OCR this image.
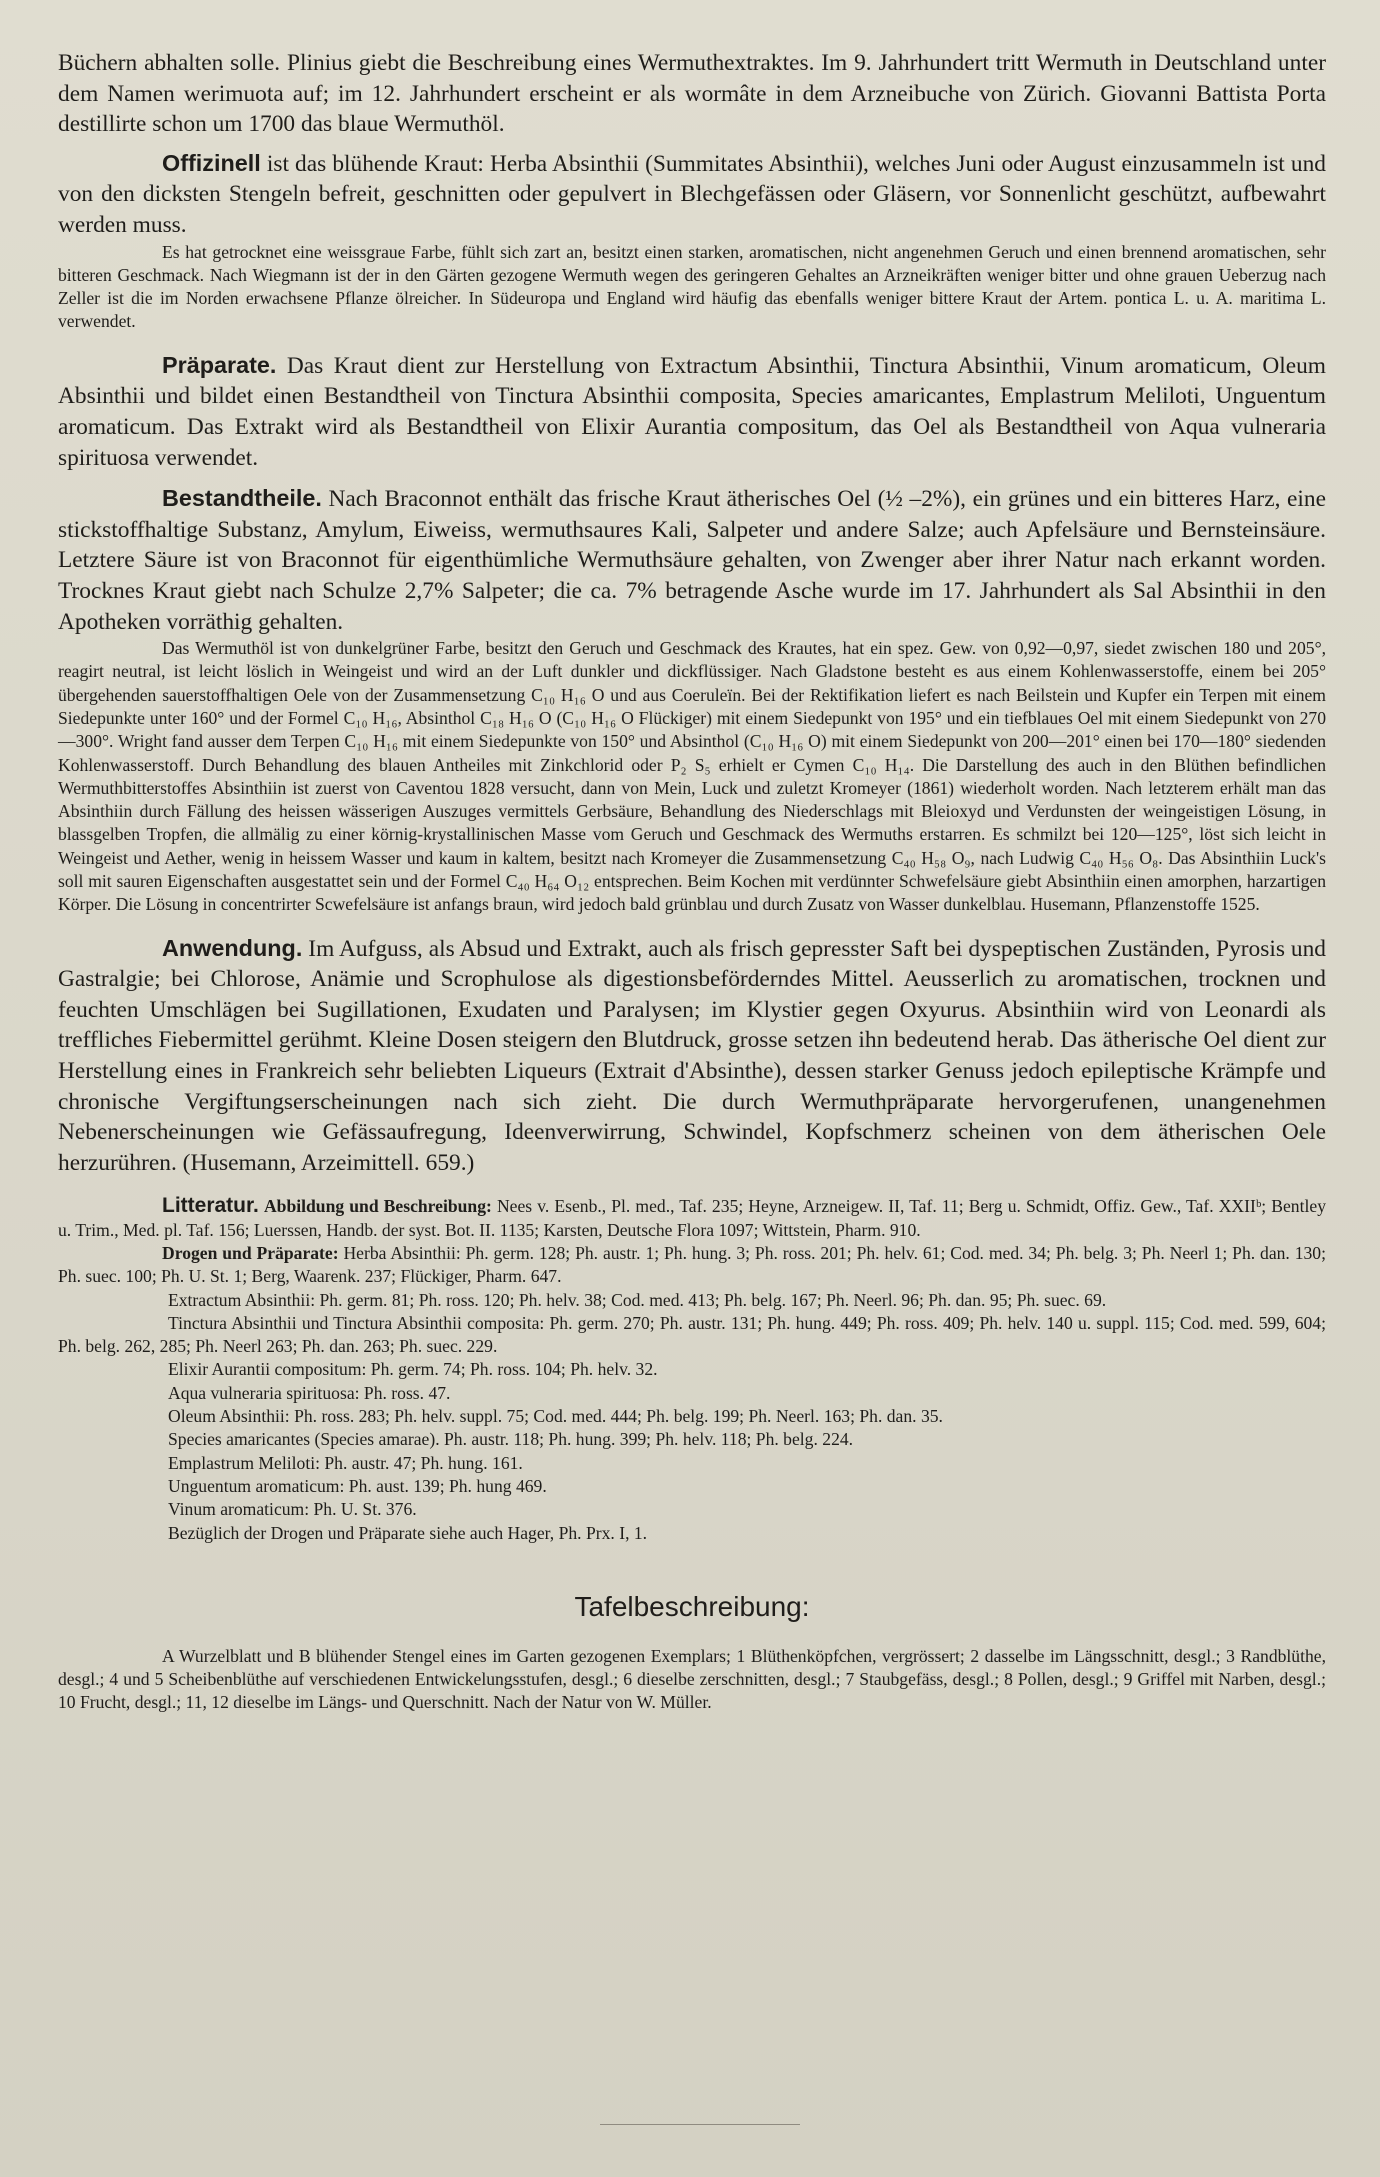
Büchern abhalten solle. Plinius giebt die Beschreibung eines Wermuthextraktes. Im 9. Jahrhundert tritt Wermuth in Deutschland unter dem Namen werimuota auf; im 12. Jahrhundert erscheint er als wormâte in dem Arzneibuche von Zürich. Giovanni Battista Porta destillirte schon um 1700 das blaue Wermuthöl.

Offizinell ist das blühende Kraut: Herba Absinthii (Summitates Absinthii), welches Juni oder August einzusammeln ist und von den dicksten Stengeln befreit, geschnitten oder gepulvert in Blechgefässen oder Gläsern, vor Sonnenlicht geschützt, aufbewahrt werden muss.

Es hat getrocknet eine weissgraue Farbe, fühlt sich zart an, besitzt einen starken, aromatischen, nicht angenehmen Geruch und einen brennend aromatischen, sehr bitteren Geschmack. Nach Wiegmann ist der in den Gärten gezogene Wermuth wegen des geringeren Gehaltes an Arzneikräften weniger bitter und ohne grauen Ueberzug nach Zeller ist die im Norden erwachsene Pflanze ölreicher. In Südeuropa und England wird häufig das ebenfalls weniger bittere Kraut der Artem. pontica L. u. A. maritima L. verwendet.

Präparate. Das Kraut dient zur Herstellung von Extractum Absinthii, Tinctura Absinthii, Vinum aromaticum, Oleum Absinthii und bildet einen Bestandtheil von Tinctura Absinthii composita, Species amaricantes, Emplastrum Meliloti, Unguentum aromaticum. Das Extrakt wird als Bestandtheil von Elixir Aurantia compositum, das Oel als Bestandtheil von Aqua vulneraria spirituosa verwendet.

Bestandtheile. Nach Braconnot enthält das frische Kraut ätherisches Oel (½ –2%), ein grünes und ein bitteres Harz, eine stickstoffhaltige Substanz, Amylum, Eiweiss, wermuthsaures Kali, Salpeter und andere Salze; auch Apfelsäure und Bernsteinsäure. Letztere Säure ist von Braconnot für eigenthümliche Wermuthsäure gehalten, von Zwenger aber ihrer Natur nach erkannt worden. Trocknes Kraut giebt nach Schulze 2,7% Salpeter; die ca. 7% betragende Asche wurde im 17. Jahrhundert als Sal Absinthii in den Apotheken vorräthig gehalten.

Das Wermuthöl ist von dunkelgrüner Farbe, besitzt den Geruch und Geschmack des Krautes, hat ein spez. Gew. von 0,92—0,97, siedet zwischen 180 und 205°, reagirt neutral, ist leicht löslich in Weingeist und wird an der Luft dunkler und dickflüssiger. Nach Gladstone besteht es aus einem Kohlenwasserstoffe, einem bei 205° übergehenden sauerstoffhaltigen Oele von der Zusammensetzung C₁₀ H₁₆ O und aus Coeruleïn. Bei der Rektifikation liefert es nach Beilstein und Kupfer ein Terpen mit einem Siedepunkte unter 160° und der Formel C₁₀ H₁₆, Absinthol C₁₈ H₁₆ O (C₁₀ H₁₆ O Flückiger) mit einem Siedepunkt von 195° und ein tiefblaues Oel mit einem Siedepunkt von 270—300°. Wright fand ausser dem Terpen C₁₀ H₁₆ mit einem Siedepunkte von 150° und Absinthol (C₁₀ H₁₆ O) mit einem Siedepunkt von 200—201° einen bei 170—180° siedenden Kohlenwasserstoff. Durch Behandlung des blauen Antheiles mit Zinkchlorid oder P₂ S₅ erhielt er Cymen C₁₀ H₁₄. Die Darstellung des auch in den Blüthen befindlichen Wermuthbitterstoffes Absinthiin ist zuerst von Caventou 1828 versucht, dann von Mein, Luck und zuletzt Kromeyer (1861) wiederholt worden. Nach letzterem erhält man das Absinthiin durch Fällung des heissen wässerigen Auszuges vermittels Gerbsäure, Behandlung des Niederschlags mit Bleioxyd und Verdunsten der weingeistigen Lösung, in blassgelben Tropfen, die allmälig zu einer körnig-krystallinischen Masse vom Geruch und Geschmack des Wermuths erstarren. Es schmilzt bei 120—125°, löst sich leicht in Weingeist und Aether, wenig in heissem Wasser und kaum in kaltem, besitzt nach Kromeyer die Zusammensetzung C₄₀ H₅₈ O₉, nach Ludwig C₄₀ H₅₆ O₈. Das Absinthiin Luck's soll mit sauren Eigenschaften ausgestattet sein und der Formel C₄₀ H₆₄ O₁₂ entsprechen. Beim Kochen mit verdünnter Schwefelsäure giebt Absinthiin einen amorphen, harzartigen Körper. Die Lösung in concentrirter Scwefelsäure ist anfangs braun, wird jedoch bald grünblau und durch Zusatz von Wasser dunkelblau. Husemann, Pflanzenstoffe 1525.

Anwendung. Im Aufguss, als Absud und Extrakt, auch als frisch gepresster Saft bei dyspeptischen Zuständen, Pyrosis und Gastralgie; bei Chlorose, Anämie und Scrophulose als digestionsbeförderndes Mittel. Aeusserlich zu aromatischen, trocknen und feuchten Umschlägen bei Sugillationen, Exudaten und Paralysen; im Klystier gegen Oxyurus. Absinthiin wird von Leonardi als treffliches Fiebermittel gerühmt. Kleine Dosen steigern den Blutdruck, grosse setzen ihn bedeutend herab. Das ätherische Oel dient zur Herstellung eines in Frankreich sehr beliebten Liqueurs (Extrait d'Absinthe), dessen starker Genuss jedoch epileptische Krämpfe und chronische Vergiftungserscheinungen nach sich zieht. Die durch Wermuthpräparate hervorgerufenen, unangenehmen Nebenerscheinungen wie Gefässaufregung, Ideenverwirrung, Schwindel, Kopfschmerz scheinen von dem ätherischen Oele herzurühren. (Husemann, Arzeimittell. 659.)

Litteratur. Abbildung und Beschreibung: Nees v. Esenb., Pl. med., Taf. 235; Heyne, Arzneigew. II, Taf. 11; Berg u. Schmidt, Offiz. Gew., Taf. XXIIᵇ; Bentley u. Trim., Med. pl. Taf. 156; Luerssen, Handb. der syst. Bot. II. 1135; Karsten, Deutsche Flora 1097; Wittstein, Pharm. 910.

Drogen und Präparate: Herba Absinthii: Ph. germ. 128; Ph. austr. 1; Ph. hung. 3; Ph. ross. 201; Ph. helv. 61; Cod. med. 34; Ph. belg. 3; Ph. Neerl 1; Ph. dan. 130; Ph. suec. 100; Ph. U. St. 1; Berg, Waarenk. 237; Flückiger, Pharm. 647.

Extractum Absinthii: Ph. germ. 81; Ph. ross. 120; Ph. helv. 38; Cod. med. 413; Ph. belg. 167; Ph. Neerl. 96; Ph. dan. 95; Ph. suec. 69.

Tinctura Absinthii und Tinctura Absinthii composita: Ph. germ. 270; Ph. austr. 131; Ph. hung. 449; Ph. ross. 409; Ph. helv. 140 u. suppl. 115; Cod. med. 599, 604; Ph. belg. 262, 285; Ph. Neerl 263; Ph. dan. 263; Ph. suec. 229.

Elixir Aurantii compositum: Ph. germ. 74; Ph. ross. 104; Ph. helv. 32.

Aqua vulneraria spirituosa: Ph. ross. 47.

Oleum Absinthii: Ph. ross. 283; Ph. helv. suppl. 75; Cod. med. 444; Ph. belg. 199; Ph. Neerl. 163; Ph. dan. 35.

Species amaricantes (Species amarae). Ph. austr. 118; Ph. hung. 399; Ph. helv. 118; Ph. belg. 224.

Emplastrum Meliloti: Ph. austr. 47; Ph. hung. 161.

Unguentum aromaticum: Ph. aust. 139; Ph. hung 469.

Vinum aromaticum: Ph. U. St. 376.

Bezüglich der Drogen und Präparate siehe auch Hager, Ph. Prx. I, 1.

Tafelbeschreibung:

A Wurzelblatt und B blühender Stengel eines im Garten gezogenen Exemplars; 1 Blüthenköpfchen, vergrössert; 2 dasselbe im Längsschnitt, desgl.; 3 Randblüthe, desgl.; 4 und 5 Scheibenblüthe auf verschiedenen Entwickelungsstufen, desgl.; 6 dieselbe zerschnitten, desgl.; 7 Staubgefäss, desgl.; 8 Pollen, desgl.; 9 Griffel mit Narben, desgl.; 10 Frucht, desgl.; 11, 12 dieselbe im Längs- und Querschnitt. Nach der Natur von W. Müller.
